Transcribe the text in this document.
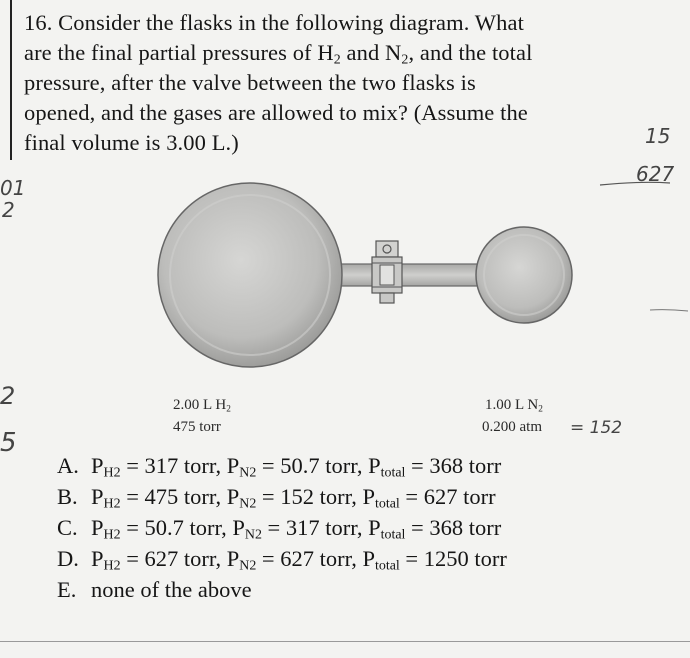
16. Consider the flasks in the following diagram. What
are the final partial pressures of $H_2$ and $N_2$, and the total
pressure, after the valve between the two flasks is
opened, and the gases are allowed to mix? (Assume the
final volume is 3.00 L.)
2.00 L $H_2$
475 torr
1.00 L $N_2$
0.200 atm
15
627
01
2
2
5	= 152
A. $P_{H2} = 317$ torr, $P_{N2} = 50.7$ torr, $P_{total} = 368$ torr
B. $P_{H2} = 475$ torr, $P_{N2} = 152$ torr, $P_{total} = 627$ torr
C. $P_{H2} = 50.7$ torr, $P_{N2} = 317$ torr, $P_{total} = 368$ torr
D. $P_{H2} = 627$ torr, $P_{N2} = 627$ torr, $P_{total} = 1250$ torr
E. none of the above
